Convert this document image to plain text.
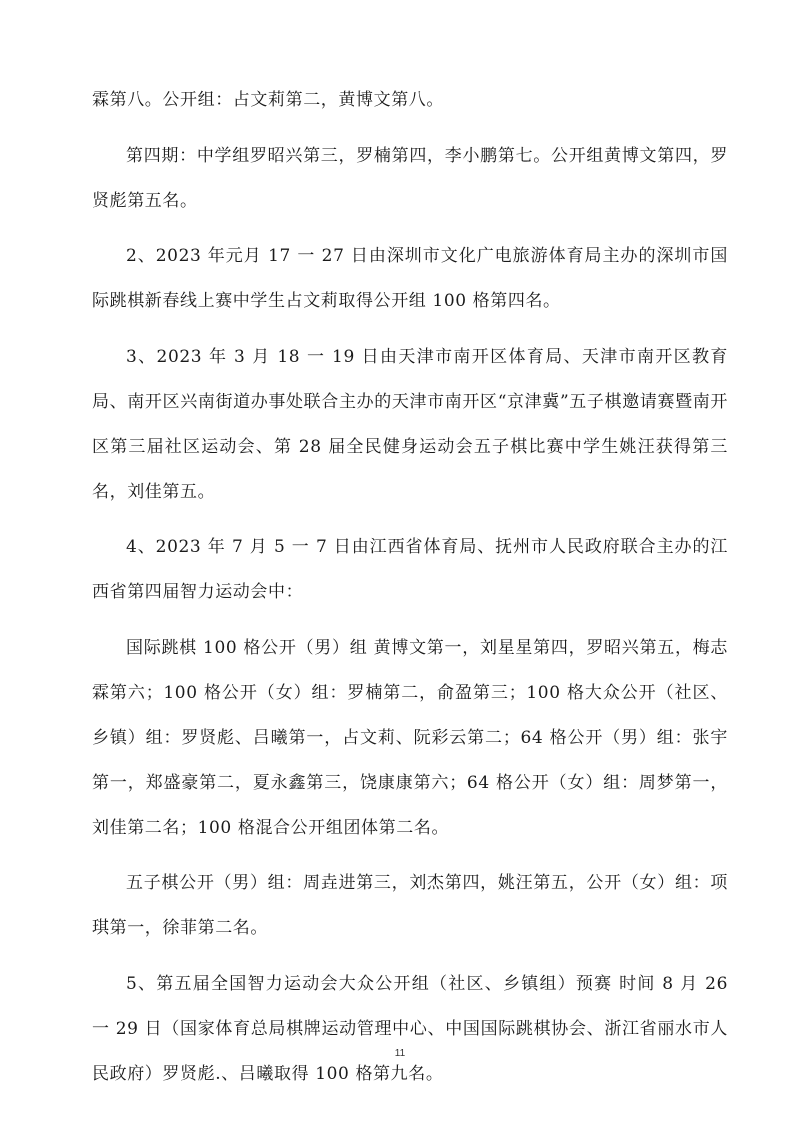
霖第八。公开组：占文莉第二，黄博文第八。

第四期：中学组罗昭兴第三，罗楠第四，李小鹏第七。公开组黄博文第四，罗贤彪第五名。

2、2023 年元月 17 一 27 日由深圳市文化广电旅游体育局主办的深圳市国际跳棋新春线上赛中学生占文莉取得公开组 100 格第四名。

3、2023 年 3 月 18 一 19 日由天津市南开区体育局、天津市南开区教育局、南开区兴南街道办事处联合主办的天津市南开区“京津冀”五子棋邀请赛暨南开区第三届社区运动会、第 28 届全民健身运动会五子棋比赛中学生姚汪获得第三名，刘佳第五。

4、2023 年 7 月 5 一 7 日由江西省体育局、抚州市人民政府联合主办的江西省第四届智力运动会中：

国际跳棋 100 格公开（男）组 黄博文第一，刘星星第四，罗昭兴第五，梅志霖第六；100 格公开（女）组：罗楠第二，俞盈第三；100 格大众公开（社区、乡镇）组：罗贤彪、吕曦第一，占文莉、阮彩云第二；64 格公开（男）组：张宇第一，郑盛豪第二，夏永鑫第三，饶康康第六；64 格公开（女）组：周梦第一，刘佳第二名；100 格混合公开组团体第二名。

五子棋公开（男）组：周垚进第三，刘杰第四，姚汪第五，公开（女）组：项琪第一，徐菲第二名。

5、第五届全国智力运动会大众公开组（社区、乡镇组）预赛 时间 8 月 26 一 29 日（国家体育总局棋牌运动管理中心、中国国际跳棋协会、浙江省丽水市人民政府）罗贤彪.、吕曦取得 100 格第九名。

11
